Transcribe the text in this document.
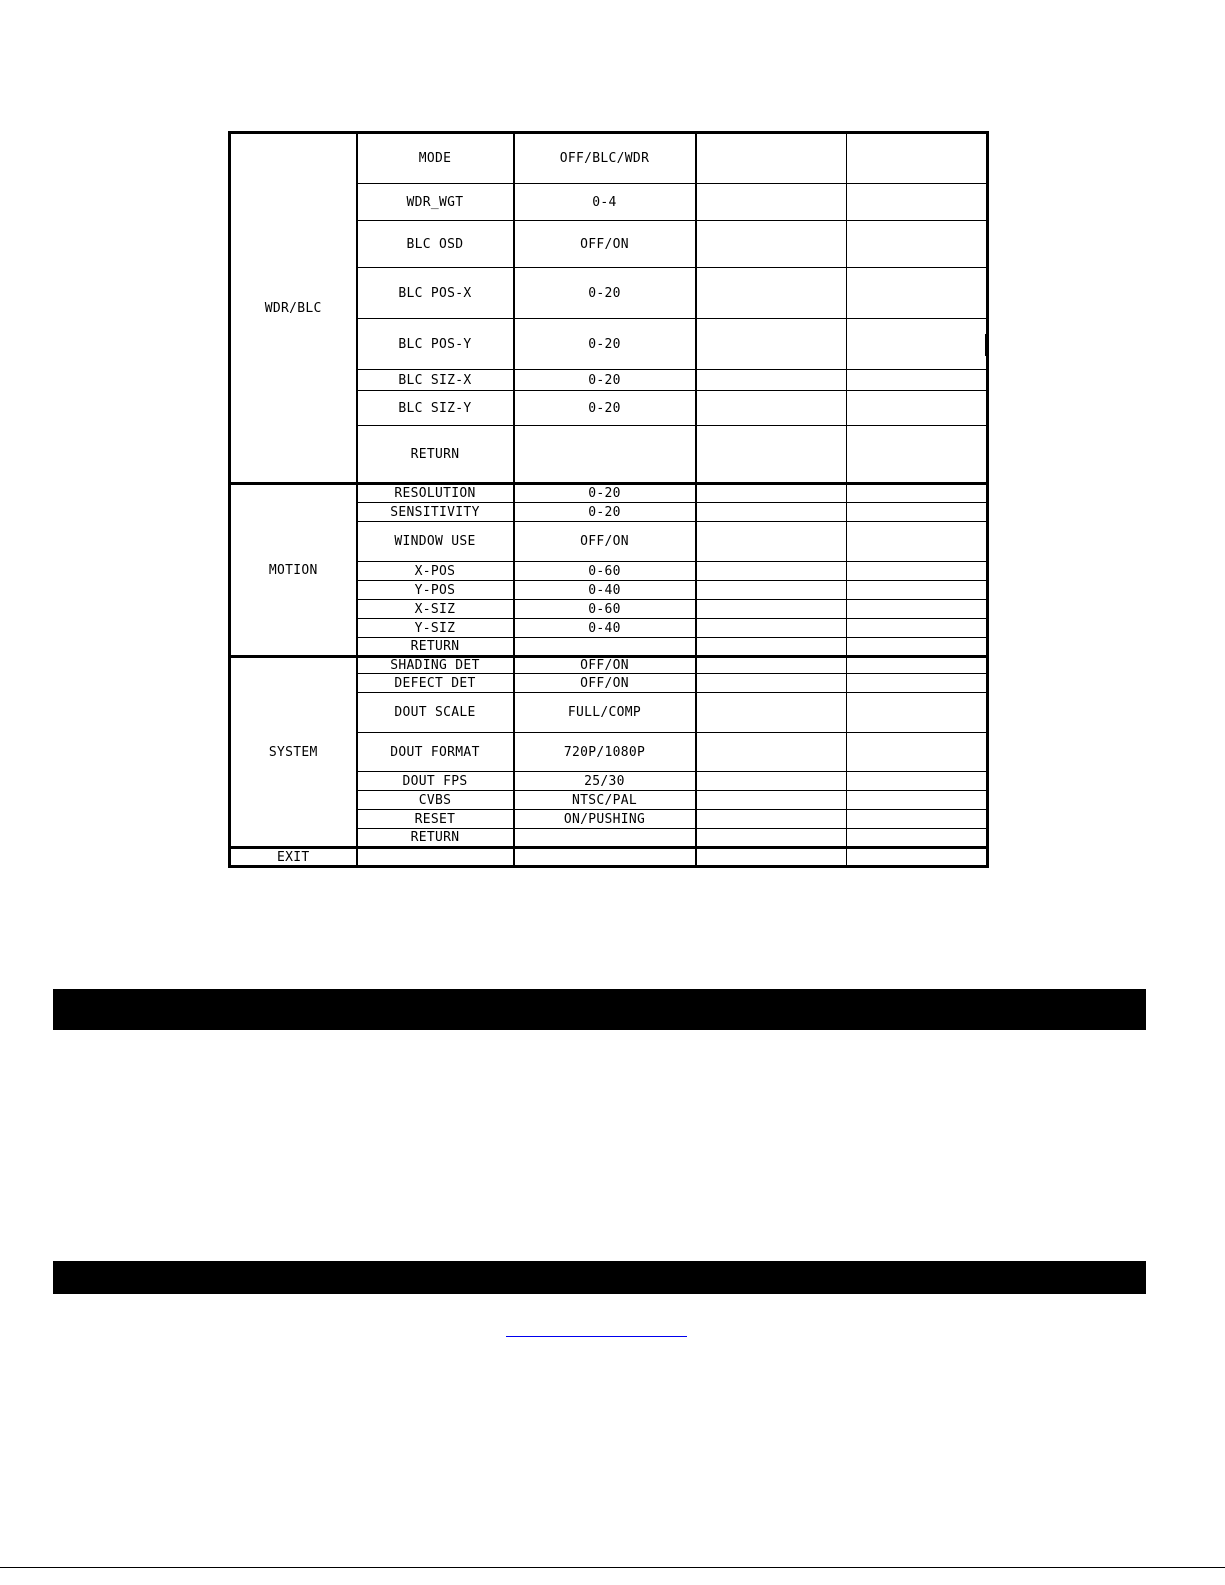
WDR/BLC	MODE	OFF/BLC/WDR		
	WDR_WGT	0-4		
	BLC OSD	OFF/ON		
	BLC POS-X	0-20		
	BLC POS-Y	0-20		
	BLC SIZ-X	0-20		
	BLC SIZ-Y	0-20		
	RETURN			
MOTION	RESOLUTION	0-20		
	SENSITIVITY	0-20		
	WINDOW USE	OFF/ON		
	X-POS	0-60		
	Y-POS	0-40		
	X-SIZ	0-60		
	Y-SIZ	0-40		
	RETURN			
SYSTEM	SHADING DET	OFF/ON		
	DEFECT DET	OFF/ON		
	DOUT SCALE	FULL/COMP		
	DOUT FORMAT	720P/1080P		
	DOUT FPS	25/30		
	CVBS	NTSC/PAL		
	RESET	ON/PUSHING		
	RETURN			
EXIT				
